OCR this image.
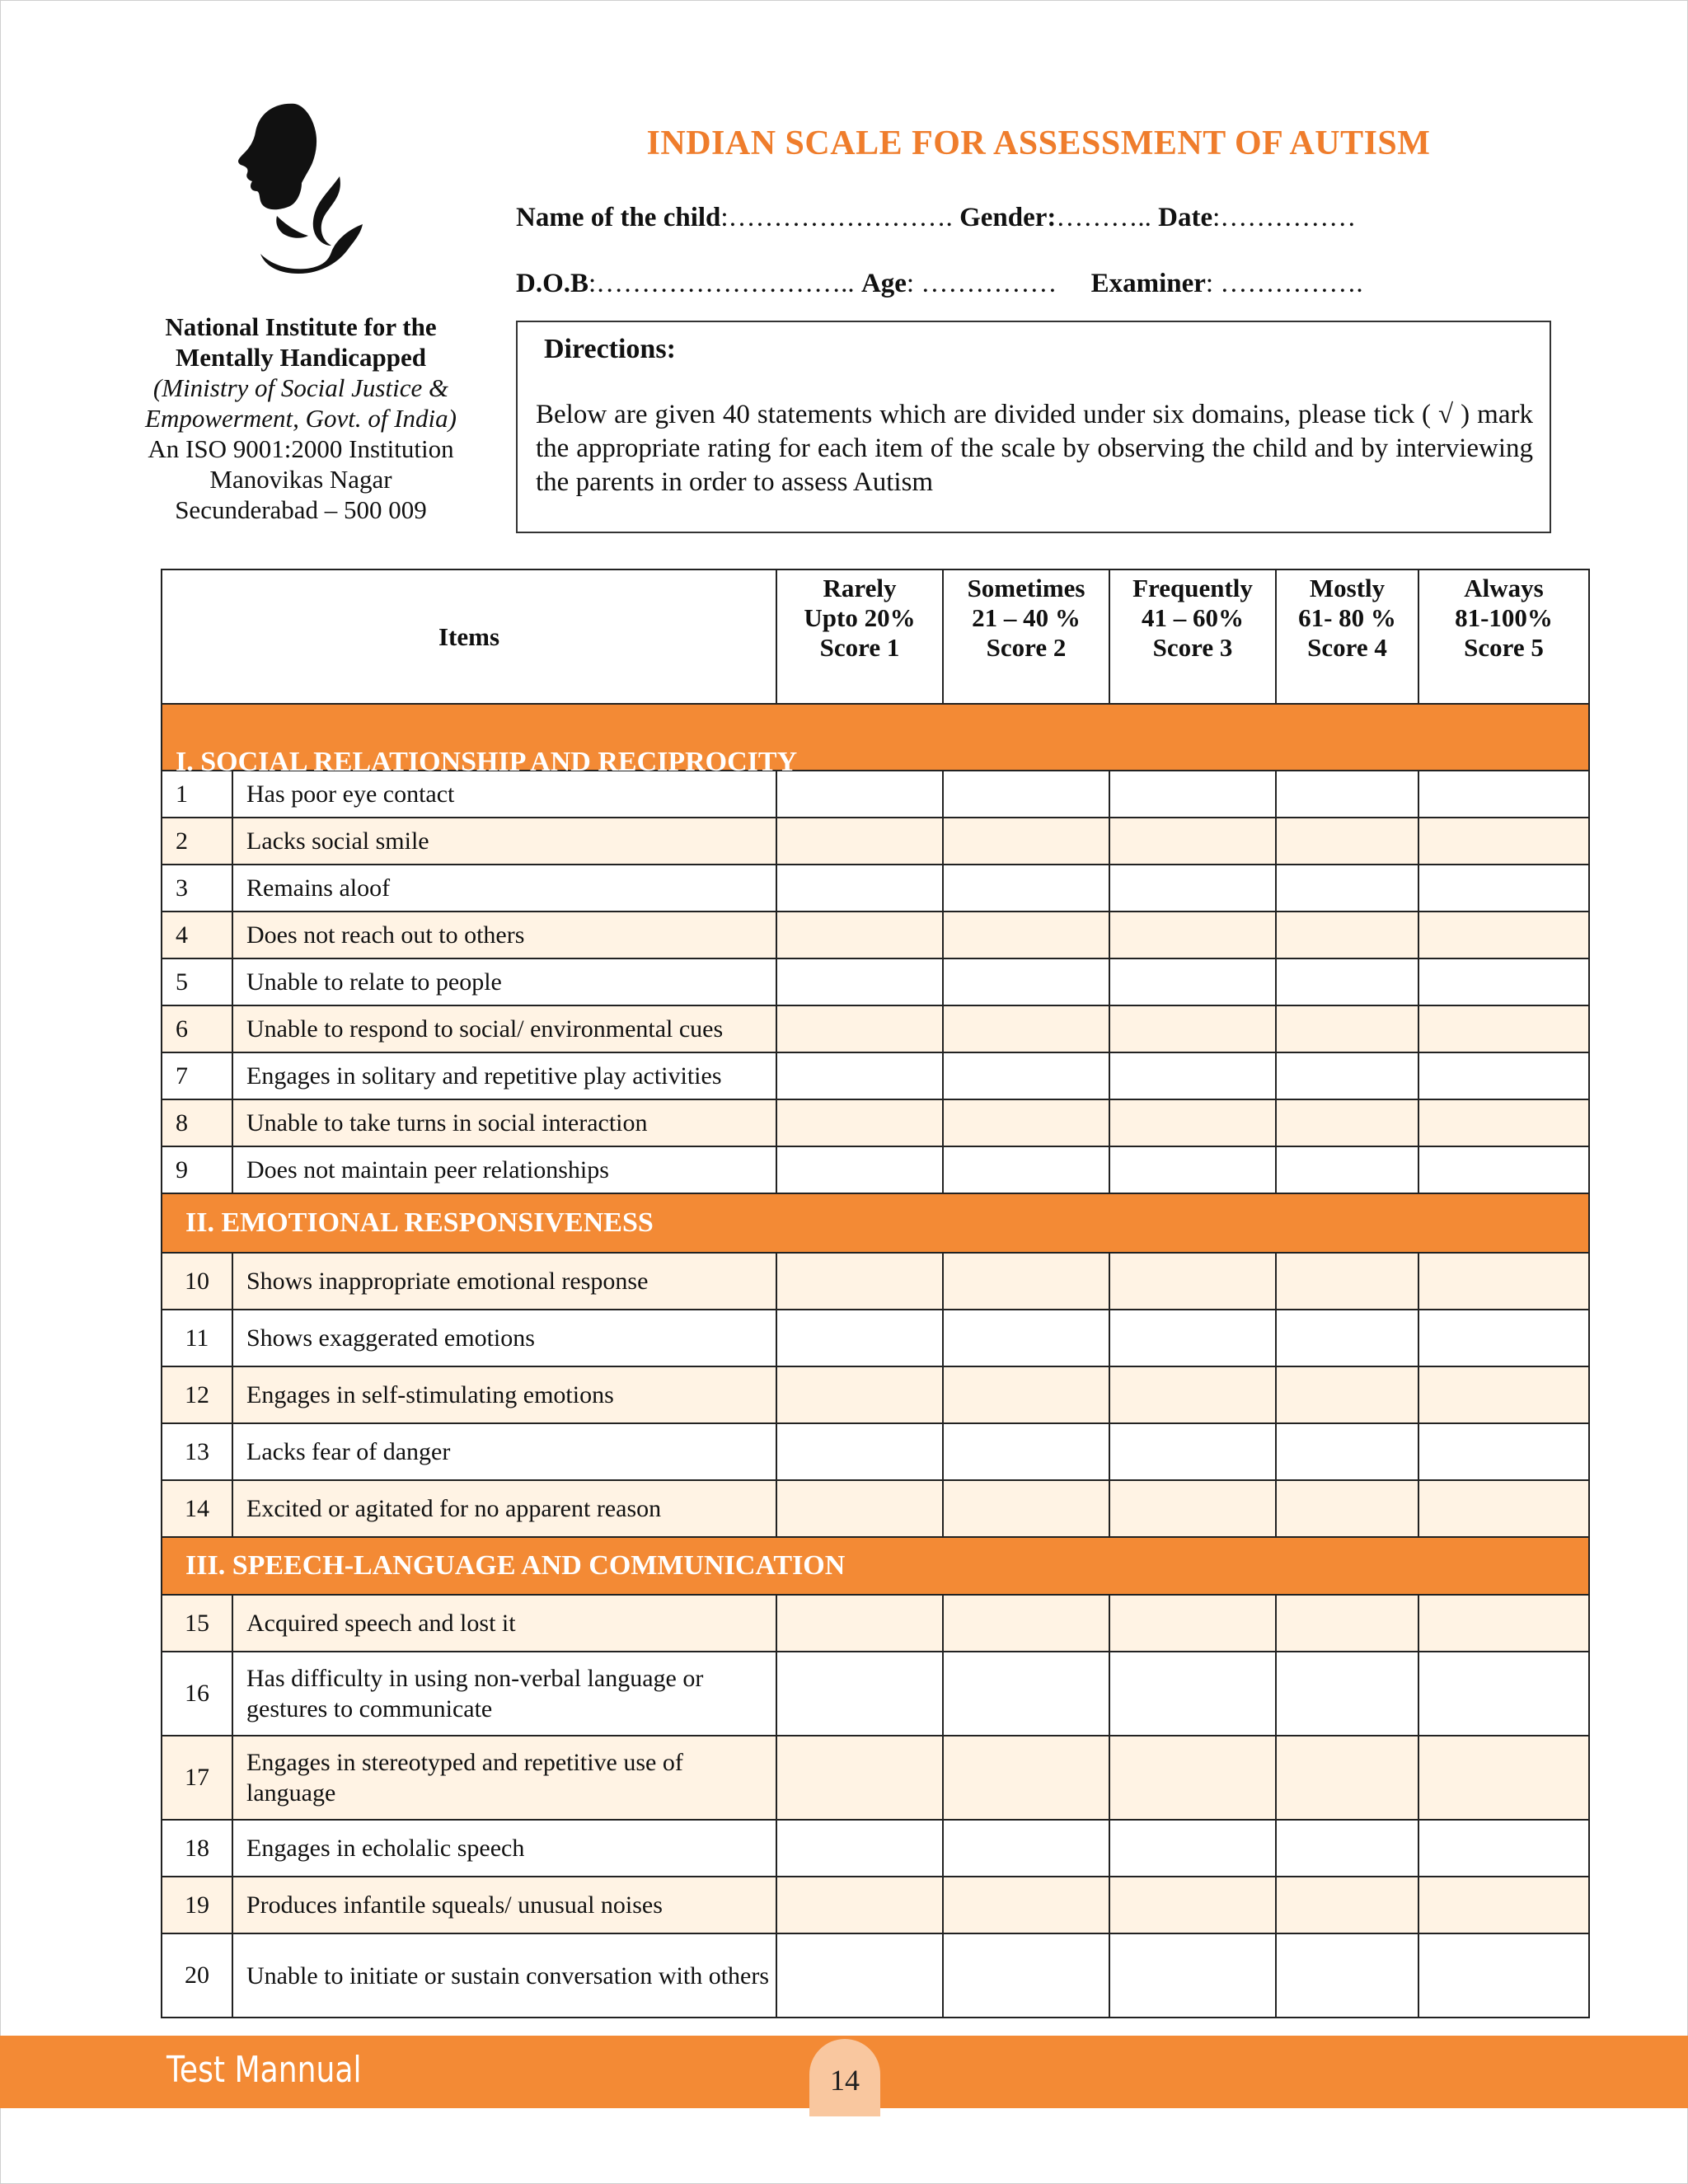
National Institute for the
Mentally Handicapped
(Ministry of Social Justice &
Empowerment, Govt. of India)
An ISO 9001:2000 Institution
Manovikas Nagar
Secunderabad – 500 009
INDIAN SCALE FOR ASSESSMENT OF AUTISM
Name of the child:……………………. Gender:……….. Date:……………
D.O.B:……………………….. Age: …………… Examiner: …………….
Directions:
Below are given 40 statements which are divided under six domains, please tick ( √ ) mark the appropriate rating for each item of the scale by observing the child and by interviewing the parents in order to assess Autism
Items		Rarely
Upto 20%
Score 1	Sometimes
21 – 40 %
Score 2	Frequently
41 – 60%
Score 3	Mostly
61- 80 %
Score 4	Always
81-100%
Score 5

I. SOCIAL RELATIONSHIP AND RECIPROCITY						

1	Has poor eye contact					
2	Lacks social smile					
3	Remains aloof					
4	Does not reach out to others					
5	Unable to relate to people					
6	Unable to respond to social/ environmental cues					
7	Engages in solitary and repetitive play activities					
8	Unable to take turns in social interaction					
9	Does not maintain peer relationships					
II. EMOTIONAL RESPONSIVENESS						
10	Shows inappropriate emotional response					
11	Shows exaggerated emotions					
12	Engages in self-stimulating emotions					
13	Lacks fear of danger					
14	Excited or agitated for no apparent reason					
III. SPEECH-LANGUAGE AND COMMUNICATION						
15	Acquired speech and lost it					
16	Has difficulty in using non-verbal language or gestures to communicate					
17	Engages in stereotyped and repetitive use of language					
18	Engages in echolalic speech					
19	Produces infantile squeals/ unusual noises					
20	Unable to initiate or sustain conversation with others					
Test Mannual	14
